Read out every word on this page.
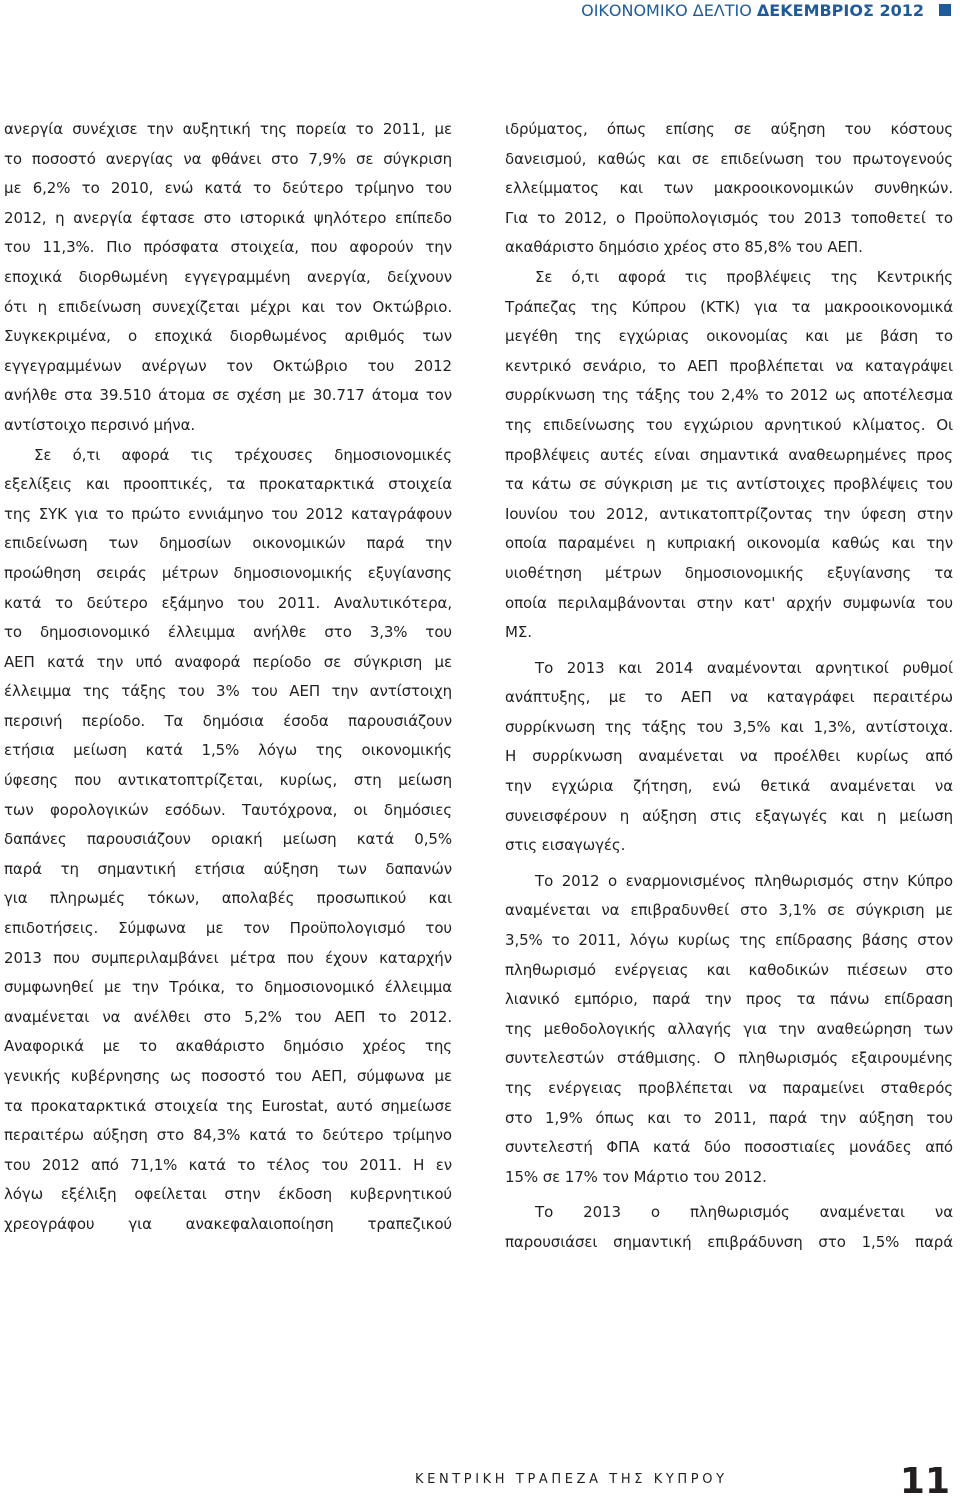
ΟΙΚΟΝΟΜΙΚΟ ΔΕΛΤΙΟ ΔΕΚΕΜΒΡΙΟΣ 2012
ανεργία συνέχισε την αυξητική της πορεία το 2011, με
το ποσοστό ανεργίας να φθάνει στο 7,9% σε σύγκριση
με 6,2% το 2010, ενώ κατά το δεύτερο τρίμηνο του
2012, η ανεργία έφτασε στο ιστορικά ψηλότερο επίπεδο
του 11,3%. Πιο πρόσφατα στοιχεία, που αφορούν την
εποχικά διορθωμένη εγγεγραμμένη ανεργία, δείχνουν
ότι η επιδείνωση συνεχίζεται μέχρι και τον Οκτώβριο.
Συγκεκριμένα, ο εποχικά διορθωμένος αριθμός των
εγγεγραμμένων ανέργων τον Οκτώβριο του 2012
ανήλθε στα 39.510 άτομα σε σχέση με 30.717 άτομα τον
αντίστοιχο περσινό μήνα.
Σε ό,τι αφορά τις τρέχουσες δημοσιονομικές
εξελίξεις και προοπτικές, τα προκαταρκτικά στοιχεία
της ΣΥΚ για το πρώτο εννιάμηνο του 2012 καταγράφουν
επιδείνωση των δημοσίων οικονομικών παρά την
προώθηση σειράς μέτρων δημοσιονομικής εξυγίανσης
κατά το δεύτερο εξάμηνο του 2011. Αναλυτικότερα,
το δημοσιονομικό έλλειμμα ανήλθε στο 3,3% του
ΑΕΠ κατά την υπό αναφορά περίοδο σε σύγκριση με
έλλειμμα της τάξης του 3% του ΑΕΠ την αντίστοιχη
περσινή περίοδο. Τα δημόσια έσοδα παρουσιάζουν
ετήσια μείωση κατά 1,5% λόγω της οικονομικής
ύφεσης που αντικατοπτρίζεται, κυρίως, στη μείωση
των φορολογικών εσόδων. Ταυτόχρονα, οι δημόσιες
δαπάνες παρουσιάζουν οριακή μείωση κατά 0,5%
παρά τη σημαντική ετήσια αύξηση των δαπανών
για πληρωμές τόκων, απολαβές προσωπικού και
επιδοτήσεις. Σύμφωνα με τον Προϋπολογισμό του
2013 που συμπεριλαμβάνει μέτρα που έχουν καταρχήν
συμφωνηθεί με την Τρόικα, το δημοσιονομικό έλλειμμα
αναμένεται να ανέλθει στο 5,2% του ΑΕΠ το 2012.
Αναφορικά με το ακαθάριστο δημόσιο χρέος της
γενικής κυβέρνησης ως ποσοστό του ΑΕΠ, σύμφωνα με
τα προκαταρκτικά στοιχεία της Eurostat, αυτό σημείωσε
περαιτέρω αύξηση στο 84,3% κατά το δεύτερο τρίμηνο
του 2012 από 71,1% κατά το τέλος του 2011. Η εν
λόγω εξέλιξη οφείλεται στην έκδοση κυβερνητικού
χρεογράφου για ανακεφαλαιοποίηση τραπεζικού
ιδρύματος, όπως επίσης σε αύξηση του κόστους
δανεισμού, καθώς και σε επιδείνωση του πρωτογενούς
ελλείμματος και των μακροοικονομικών συνθηκών.
Για το 2012, ο Προϋπολογισμός του 2013 τοποθετεί το
ακαθάριστο δημόσιο χρέος στο 85,8% του ΑΕΠ.
Σε ό,τι αφορά τις προβλέψεις της Κεντρικής
Τράπεζας της Κύπρου (ΚΤΚ) για τα μακροοικονομικά
μεγέθη της εγχώριας οικονομίας και με βάση το
κεντρικό σενάριο, το ΑΕΠ προβλέπεται να καταγράψει
συρρίκνωση της τάξης του 2,4% το 2012 ως αποτέλεσμα
της επιδείνωσης του εγχώριου αρνητικού κλίματος. Οι
προβλέψεις αυτές είναι σημαντικά αναθεωρημένες προς
τα κάτω σε σύγκριση με τις αντίστοιχες προβλέψεις του
Ιουνίου του 2012, αντικατοπτρίζοντας την ύφεση στην
οποία παραμένει η κυπριακή οικονομία καθώς και την
υιοθέτηση μέτρων δημοσιονομικής εξυγίανσης τα
οποία περιλαμβάνονται στην κατ' αρχήν συμφωνία του
ΜΣ.
Το 2013 και 2014 αναμένονται αρνητικοί ρυθμοί
ανάπτυξης, με το ΑΕΠ να καταγράφει περαιτέρω
συρρίκνωση της τάξης του 3,5% και 1,3%, αντίστοιχα.
Η συρρίκνωση αναμένεται να προέλθει κυρίως από
την εγχώρια ζήτηση, ενώ θετικά αναμένεται να
συνεισφέρουν η αύξηση στις εξαγωγές και η μείωση
στις εισαγωγές.
Το 2012 ο εναρμονισμένος πληθωρισμός στην Κύπρο
αναμένεται να επιβραδυνθεί στο 3,1% σε σύγκριση με
3,5% το 2011, λόγω κυρίως της επίδρασης βάσης στον
πληθωρισμό ενέργειας και καθοδικών πιέσεων στο
λιανικό εμπόριο, παρά την προς τα πάνω επίδραση
της μεθοδολογικής αλλαγής για την αναθεώρηση των
συντελεστών στάθμισης. Ο πληθωρισμός εξαιρουμένης
της ενέργειας προβλέπεται να παραμείνει σταθερός
στο 1,9% όπως και το 2011, παρά την αύξηση του
συντελεστή ΦΠΑ κατά δύο ποσοστιαίες μονάδες από
15% σε 17% τον Μάρτιο του 2012.
Το 2013 ο πληθωρισμός αναμένεται να
παρουσιάσει σημαντική επιβράδυνση στο 1,5% παρά
ΚΕΝΤΡΙΚΗ ΤΡΑΠΕΖΑ ΤΗΣ ΚΥΠΡΟΥ	11
